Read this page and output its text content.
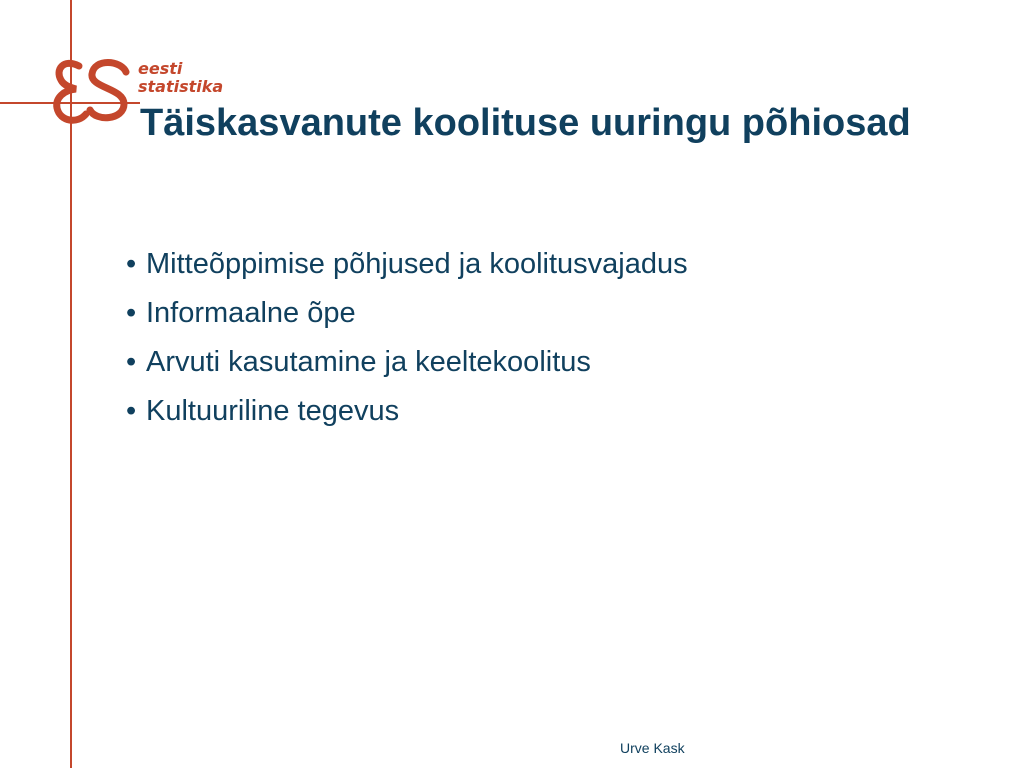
eesti
statistika
Täiskasvanute koolituse uuringu põhiosad
• Mitteõppimise põhjused ja koolitusvajadus
• Informaalne õpe
• Arvuti kasutamine ja keeltekoolitus
• Kultuuriline tegevus
Urve Kask
